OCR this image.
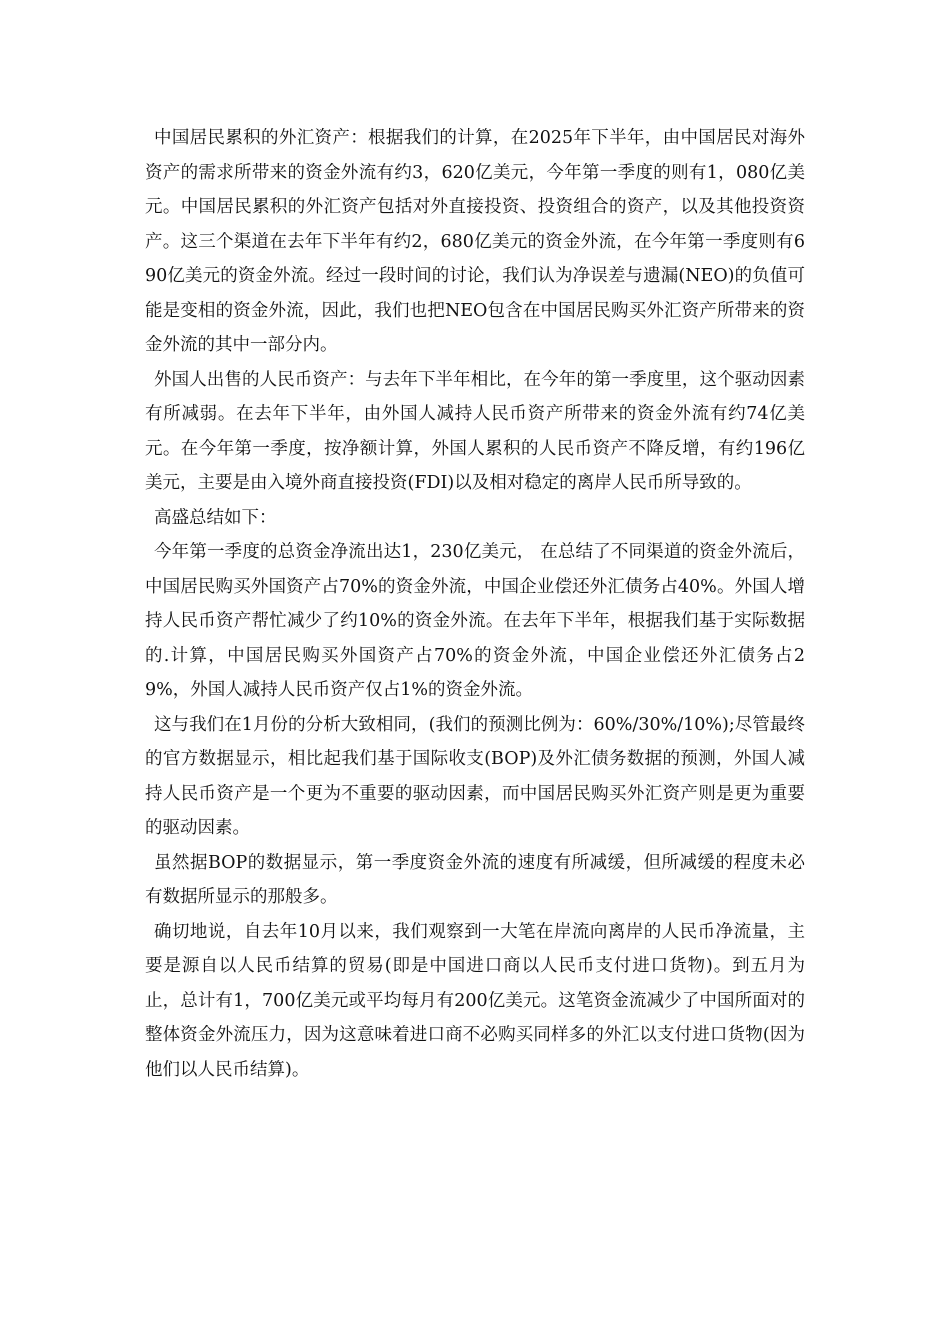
中国居民累积的外汇资产：根据我们的计算，在2025年下半年，由中国居民对海外资产的需求所带来的资金外流有约3，620亿美元，今年第一季度的则有1，080亿美元。中国居民累积的外汇资产包括对外直接投资、投资组合的资产，以及其他投资资产。这三个渠道在去年下半年有约2，680亿美元的资金外流，在今年第一季度则有690亿美元的资金外流。经过一段时间的讨论，我们认为净误差与遗漏(NEO)的负值可能是变相的资金外流，因此，我们也把NEO包含在中国居民购买外汇资产所带来的资金外流的其中一部分内。

外国人出售的人民币资产：与去年下半年相比，在今年的第一季度里，这个驱动因素有所减弱。在去年下半年，由外国人减持人民币资产所带来的资金外流有约74亿美元。在今年第一季度，按净额计算，外国人累积的人民币资产不降反增，有约196亿美元，主要是由入境外商直接投资(FDI)以及相对稳定的离岸人民币所导致的。

高盛总结如下：

今年第一季度的总资金净流出达1，230亿美元， 在总结了不同渠道的资金外流后，中国居民购买外国资产占70%的资金外流，中国企业偿还外汇债务占40%。外国人增持人民币资产帮忙减少了约10%的资金外流。在去年下半年，根据我们基于实际数据的.计算，中国居民购买外国资产占70%的资金外流，中国企业偿还外汇债务占29%，外国人减持人民币资产仅占1%的资金外流。

这与我们在1月份的分析大致相同，(我们的预测比例为：60%/30%/10%);尽管最终的官方数据显示，相比起我们基于国际收支(BOP)及外汇债务数据的预测，外国人减持人民币资产是一个更为不重要的驱动因素，而中国居民购买外汇资产则是更为重要的驱动因素。

虽然据BOP的数据显示，第一季度资金外流的速度有所减缓，但所减缓的程度未必有数据所显示的那般多。

确切地说，自去年10月以来，我们观察到一大笔在岸流向离岸的人民币净流量，主要是源自以人民币结算的贸易(即是中国进口商以人民币支付进口货物)。到五月为止，总计有1，700亿美元或平均每月有200亿美元。这笔资金流减少了中国所面对的整体资金外流压力，因为这意味着进口商不必购买同样多的外汇以支付进口货物(因为他们以人民币结算)。
